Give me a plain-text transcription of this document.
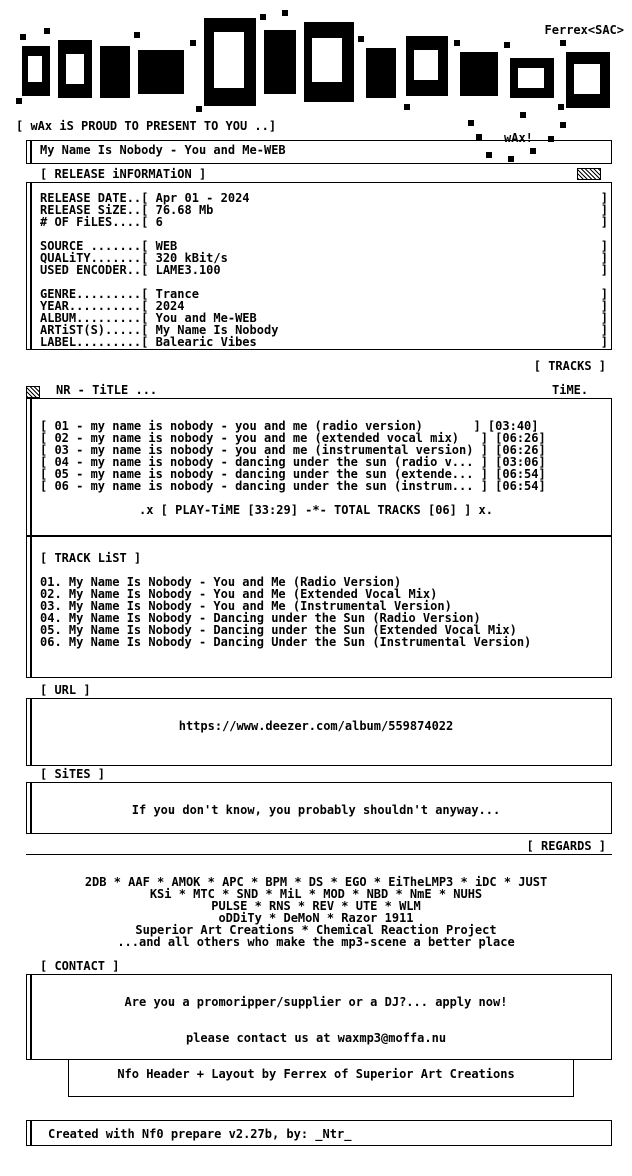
Ferrex<SAC>
[ wAx iS PROUD TO PRESENT TO YOU ..]
wAx!
My Name Is Nobody - You and Me-WEB
[ RELEASE iNFORMATiON ]
RELEASE DATE..[ Apr 01 - 2024
RELEASE SiZE..[ 76.68 Mb
# OF FiLES....[ 6
SOURCE .......[ WEB
QUALiTY.......[ 320 kBit/s
USED ENCODER..[ LAME3.100
GENRE.........[ Trance
YEAR..........[ 2024
ALBUM.........[ You and Me-WEB
ARTiST(S).....[ My Name Is Nobody
LABEL.........[ Balearic Vibes
]
]
]

]
]
]

]
]
]
]
]
[ TRACKS ]
NR - TiTLE ...	TiME.
[ 01 - my name is nobody - you and me (radio version)       ] [03:40]
[ 02 - my name is nobody - you and me (extended vocal mix)   ] [06:26]
[ 03 - my name is nobody - you and me (instrumental version) ] [06:26]
[ 04 - my name is nobody - dancing under the sun (radio v... ] [03:06]
[ 05 - my name is nobody - dancing under the sun (extende... ] [06:54]
[ 06 - my name is nobody - dancing under the sun (instrum... ] [06:54]
.x [ PLAY-TiME [33:29] -*- TOTAL TRACKS [06] ] x.
[ TRACK LiST ]
01. My Name Is Nobody - You and Me (Radio Version)
02. My Name Is Nobody - You and Me (Extended Vocal Mix)
03. My Name Is Nobody - You and Me (Instrumental Version)
04. My Name Is Nobody - Dancing under the Sun (Radio Version)
05. My Name Is Nobody - Dancing under the Sun (Extended Vocal Mix)
06. My Name Is Nobody - Dancing Under the Sun (Instrumental Version)
[ URL ]
https://www.deezer.com/album/559874022
[ SiTES ]
If you don't know, you probably shouldn't anyway...
[ REGARDS ]
2DB * AAF * AMOK * APC * BPM * DS * EGO * EiTheLMP3 * iDC * JUST
KSi * MTC * SND * MiL * MOD * NBD * NmE * NUHS
PULSE * RNS * REV * UTE * WLM
oDDiTy * DeMoN * Razor 1911
Superior Art Creations * Chemical Reaction Project
...and all others who make the mp3-scene a better place
[ CONTACT ]
Are you a promoripper/supplier or a DJ?... apply now!
please contact us at waxmp3@moffa.nu
Nfo Header + Layout by Ferrex of Superior Art Creations
Created with Nf0 prepare v2.27b, by: _Ntr_
